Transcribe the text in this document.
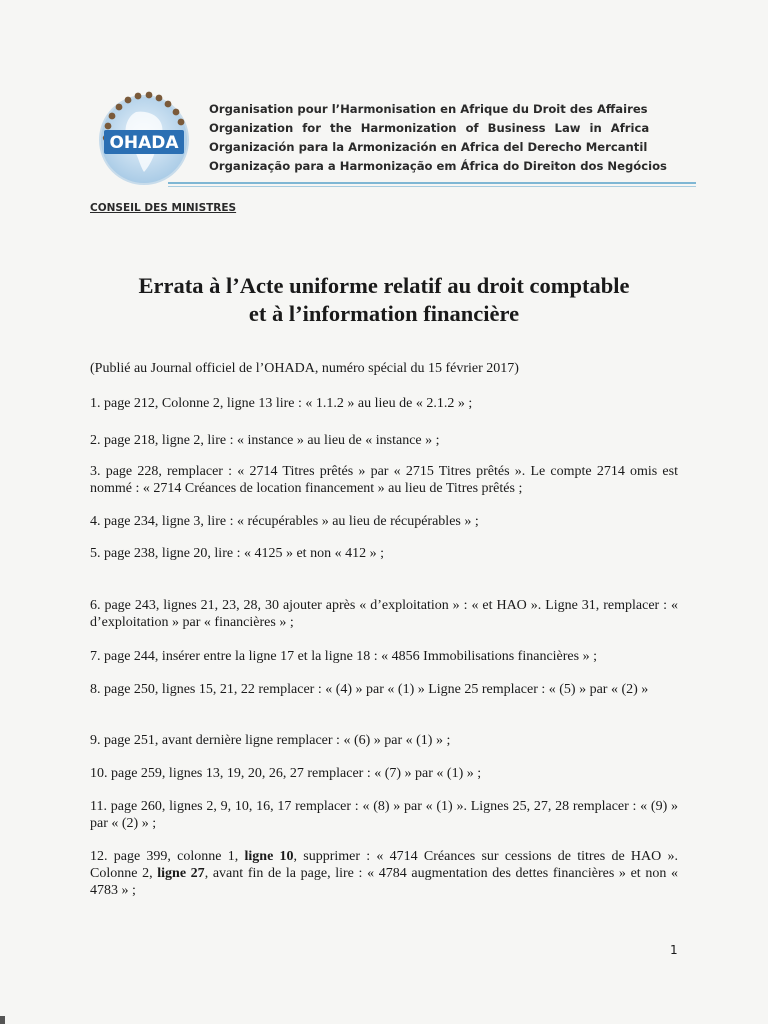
OHADA
Organisation pour l’Harmonisation en Afrique du Droit des Affaires
Organization for the Harmonization of Business Law in Africa
Organización para la Armonización en Africa del Derecho Mercantil
Organização para a Harmonização em África do Direiton dos Negócios
CONSEIL DES MINISTRES
Errata à l’Acte uniforme relatif au droit comptable
et à l’information financière

(Publié au Journal officiel de l’OHADA, numéro spécial du 15 février 2017)

1. page 212, Colonne 2, ligne 13 lire : « 1.1.2 » au lieu de « 2.1.2 » ;

2. page 218, ligne 2, lire : « instance » au lieu de « instance » ;

3. page 228, remplacer : « 2714 Titres prêtés » par « 2715 Titres prêtés ». Le compte 2714 omis est nommé : « 2714 Créances de location financement » au lieu de Titres prêtés ;

4. page 234, ligne 3, lire : « récupérables » au lieu de récupérables » ;

5. page 238, ligne 20, lire : « 4125 » et non « 412 » ;

6. page 243, lignes 21, 23, 28, 30 ajouter après « d’exploitation » : « et HAO ». Ligne 31, remplacer : « d’exploitation » par « financières » ;

7. page 244, insérer entre la ligne 17 et la ligne 18 : « 4856 Immobilisations financières » ;

8. page 250, lignes 15, 21, 22 remplacer : « (4) » par « (1) » Ligne 25 remplacer : « (5) » par « (2) »

9. page 251, avant dernière ligne remplacer : « (6) » par « (1) » ;

10. page 259, lignes 13, 19, 20, 26, 27 remplacer : « (7) » par « (1) » ;

11. page 260, lignes 2, 9, 10, 16, 17 remplacer : « (8) » par « (1) ». Lignes 25, 27, 28 remplacer : « (9) » par « (2) » ;

12. page 399, colonne 1, ligne 10, supprimer : « 4714 Créances sur cessions de titres de HAO ». Colonne 2, ligne 27, avant fin de la page, lire : « 4784 augmentation des dettes financières » et non « 4783 » ;

1
